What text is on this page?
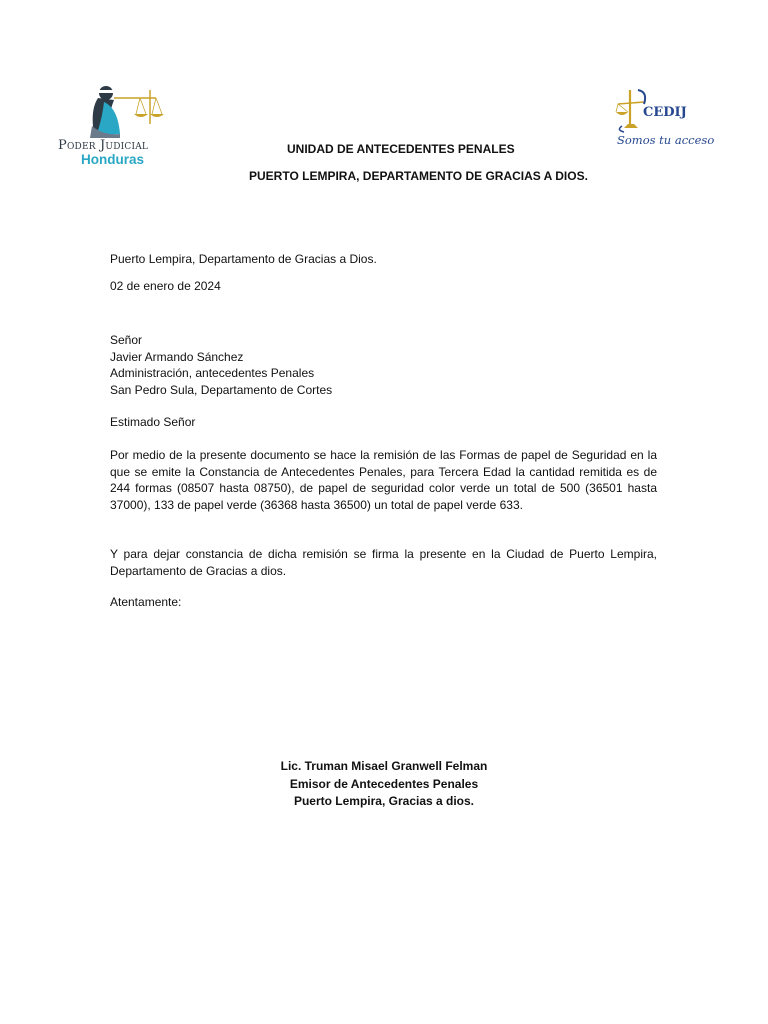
Poder Judicial
Honduras
CEDIJ
Somos tu acceso
UNIDAD DE ANTECEDENTES PENALES
PUERTO LEMPIRA, DEPARTAMENTO DE GRACIAS A DIOS.
Puerto Lempira, Departamento de Gracias a Dios.
02 de enero de 2024
Señor
Javier Armando Sánchez
Administración, antecedentes Penales
San Pedro Sula, Departamento de Cortes
Estimado Señor
Por medio de la presente documento se hace la remisión de las Formas de papel de Seguridad en la que se emite la Constancia de Antecedentes Penales, para Tercera Edad la cantidad remitida es de 244 formas (08507 hasta 08750), de papel de seguridad color verde un total de 500 (36501 hasta 37000), 133 de papel verde (36368 hasta 36500) un total de papel verde 633.
Y para dejar constancia de dicha remisión se firma la presente en la Ciudad de Puerto Lempira, Departamento de Gracias a dios.
Atentamente:
Lic. Truman Misael Granwell Felman
Emisor de Antecedentes Penales
Puerto Lempira, Gracias a dios.
